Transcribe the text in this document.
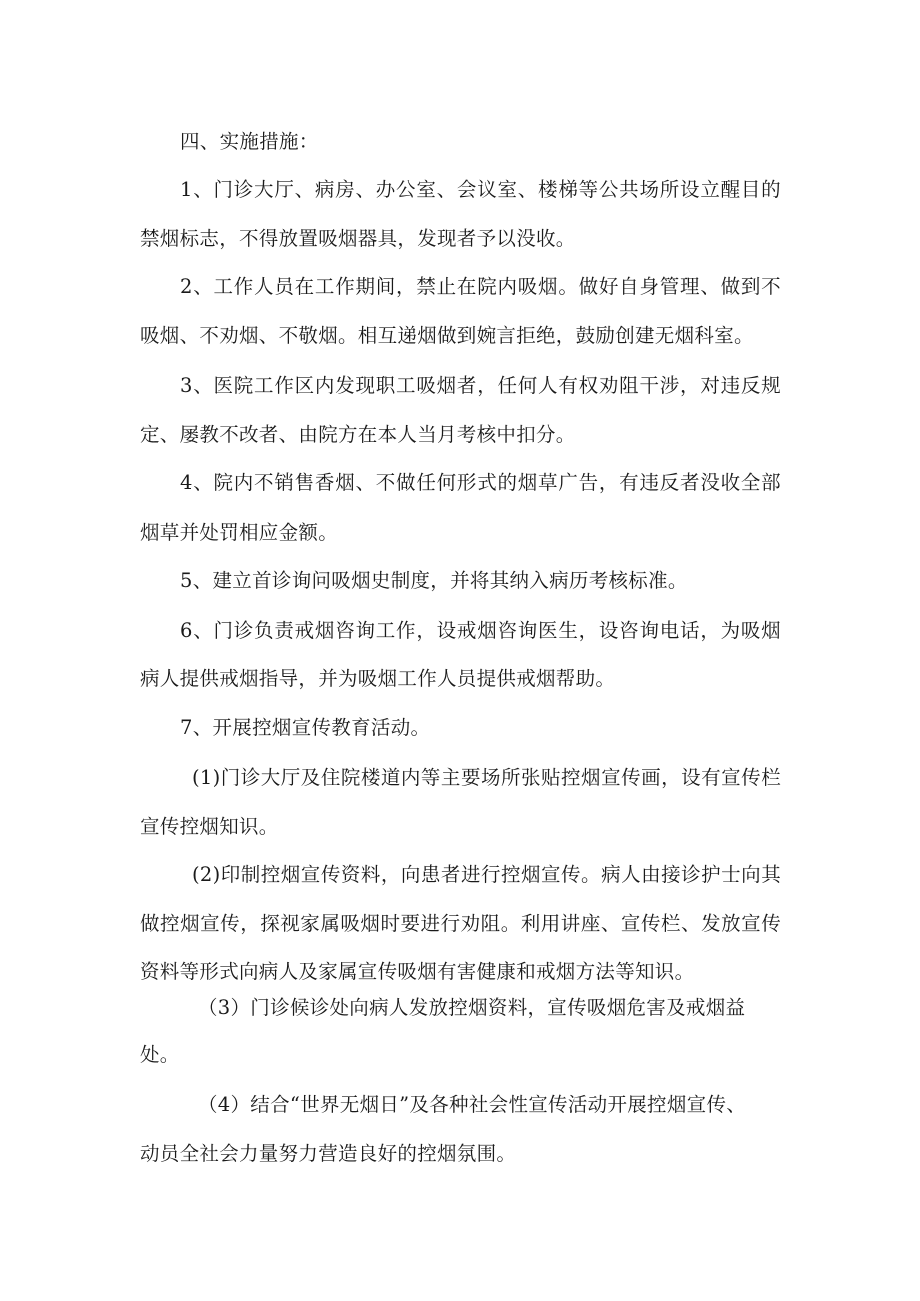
四、实施措施：
1、门诊大厅、病房、办公室、会议室、楼梯等公共场所设立醒目的
禁烟标志，不得放置吸烟器具，发现者予以没收。
2、工作人员在工作期间，禁止在院内吸烟。做好自身管理、做到不
吸烟、不劝烟、不敬烟。相互递烟做到婉言拒绝，鼓励创建无烟科室。
3、医院工作区内发现职工吸烟者，任何人有权劝阻干涉，对违反规
定、屡教不改者、由院方在本人当月考核中扣分。
4、院内不销售香烟、不做任何形式的烟草广告，有违反者没收全部
烟草并处罚相应金额。
5、建立首诊询问吸烟史制度，并将其纳入病历考核标准。
6、门诊负责戒烟咨询工作，设戒烟咨询医生，设咨询电话，为吸烟
病人提供戒烟指导，并为吸烟工作人员提供戒烟帮助。
7、开展控烟宣传教育活动。
(1)门诊大厅及住院楼道内等主要场所张贴控烟宣传画，设有宣传栏
宣传控烟知识。
(2)印制控烟宣传资料，向患者进行控烟宣传。病人由接诊护士向其
做控烟宣传，探视家属吸烟时要进行劝阻。利用讲座、宣传栏、发放宣传
资料等形式向病人及家属宣传吸烟有害健康和戒烟方法等知识。
（3）门诊候诊处向病人发放控烟资料，宣传吸烟危害及戒烟益
处。
（4）结合“世界无烟日”及各种社会性宣传活动开展控烟宣传、
动员全社会力量努力营造良好的控烟氛围。
